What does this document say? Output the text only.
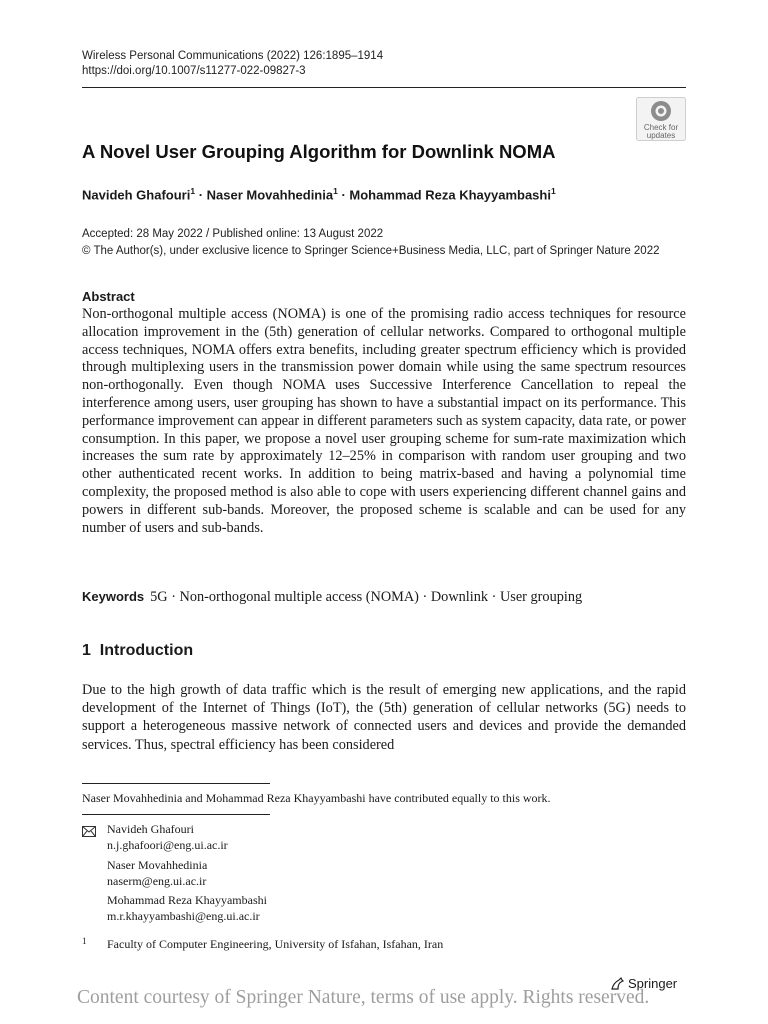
Wireless Personal Communications (2022) 126:1895–1914
https://doi.org/10.1007/s11277-022-09827-3
Check for
updates
A Novel User Grouping Algorithm for Downlink NOMA
Navideh Ghafouri$^1$ · Naser Movahhedinia$^1$ · Mohammad Reza Khayyambashi$^1$
Accepted: 28 May 2022 / Published online: 13 August 2022
© The Author(s), under exclusive licence to Springer Science+Business Media, LLC, part of Springer Nature 2022
Abstract
Non-orthogonal multiple access (NOMA) is one of the promising radio access techniques for resource allocation improvement in the (5th) generation of cellular networks. Compared to orthogonal multiple access techniques, NOMA offers extra benefits, including greater spectrum efficiency which is provided through multiplexing users in the transmission power domain while using the same spectrum resources non-orthogonally. Even though NOMA uses Successive Interference Cancellation to repeal the interference among users, user grouping has shown to have a substantial impact on its performance. This performance improvement can appear in different parameters such as system capacity, data rate, or power consumption. In this paper, we propose a novel user grouping scheme for sum-rate maximization which increases the sum rate by approximately 12–25% in comparison with random user grouping and two other authenticated recent works. In addition to being matrix-based and having a polynomial time complexity, the proposed method is also able to cope with users experiencing different channel gains and powers in different sub-bands. Moreover, the proposed scheme is scalable and can be used for any number of users and sub-bands.
Keywords 5G · Non-orthogonal multiple access (NOMA) · Downlink · User grouping
1 Introduction
Due to the high growth of data traffic which is the result of emerging new applications, and the rapid development of the Internet of Things (IoT), the (5th) generation of cellular networks (5G) needs to support a heterogeneous massive network of connected users and devices and provide the demanded services. Thus, spectral efficiency has been considered
Naser Movahhedinia and Mohammad Reza Khayyambashi have contributed equally to this work.
Navideh Ghafouri
n.j.ghafoori@eng.ui.ac.ir
Naser Movahhedinia
naserm@eng.ui.ac.ir
Mohammad Reza Khayyambashi
m.r.khayyambashi@eng.ui.ac.ir
1 Faculty of Computer Engineering, University of Isfahan, Isfahan, Iran
Springer
Content courtesy of Springer Nature, terms of use apply. Rights reserved.
